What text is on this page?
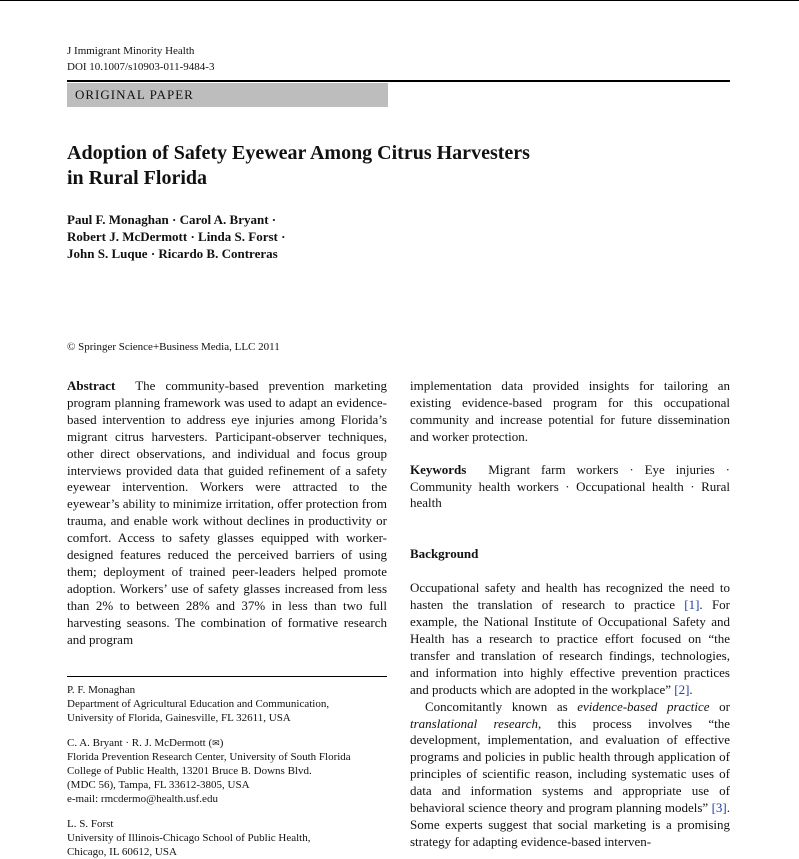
J Immigrant Minority Health
DOI 10.1007/s10903-011-9484-3
ORIGINAL PAPER
Adoption of Safety Eyewear Among Citrus Harvesters
in Rural Florida
Paul F. Monaghan · Carol A. Bryant ·
Robert J. McDermott · Linda S. Forst ·
John S. Luque · Ricardo B. Contreras
© Springer Science+Business Media, LLC 2011

Abstract The community-based prevention marketing program planning framework was used to adapt an evidence-based intervention to address eye injuries among Florida’s migrant citrus harvesters. Participant-observer techniques, other direct observations, and individual and focus group interviews provided data that guided refinement of a safety eyewear intervention. Workers were attracted to the eyewear’s ability to minimize irritation, offer protection from trauma, and enable work without declines in productivity or comfort. Access to safety glasses equipped with worker-designed features reduced the perceived barriers of using them; deployment of trained peer-leaders helped promote adoption. Workers’ use of safety glasses increased from less than 2% to between 28% and 37% in less than two full harvesting seasons. The combination of formative research and program

P. F. Monaghan
Department of Agricultural Education and Communication,
University of Florida, Gainesville, FL 32611, USA
C. A. Bryant · R. J. McDermott (✉)
Florida Prevention Research Center, University of South Florida
College of Public Health, 13201 Bruce B. Downs Blvd.
(MDC 56), Tampa, FL 33612-3805, USA
e-mail: rmcdermo@health.usf.edu
L. S. Forst
University of Illinois-Chicago School of Public Health,
Chicago, IL 60612, USA

implementation data provided insights for tailoring an existing evidence-based program for this occupational community and increase potential for future dissemination and worker protection.

Keywords Migrant farm workers · Eye injuries · Community health workers · Occupational health · Rural health

Background

Occupational safety and health has recognized the need to hasten the translation of research to practice [1]. For example, the National Institute of Occupational Safety and Health has a research to practice effort focused on “the transfer and translation of research findings, technologies, and information into highly effective prevention practices and products which are adopted in the workplace” [2].

Concomitantly known as evidence-based practice or translational research, this process involves “the development, implementation, and evaluation of effective programs and policies in public health through application of principles of scientific reason, including systematic uses of data and information systems and appropriate use of behavioral science theory and program planning models” [3]. Some experts suggest that social marketing is a promising strategy for adapting evidence-based interven-
